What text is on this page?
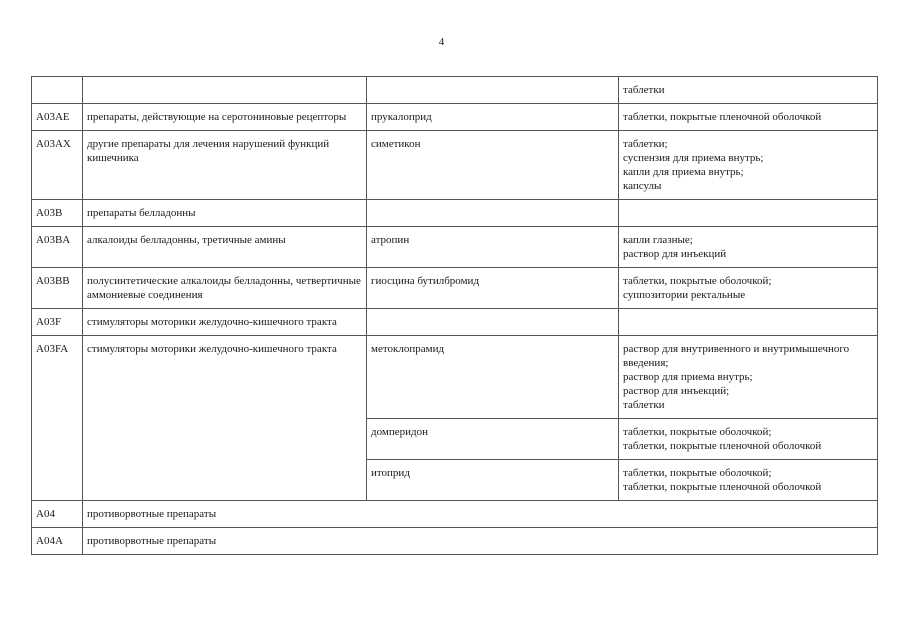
4
			таблетки
A03AE	препараты, действующие на серотониновые рецепторы	прукалоприд	таблетки, покрытые пленочной оболочкой
A03AX	другие препараты для лечения нарушений функций кишечника	симетикон	таблетки;
суспензия для приема внутрь;
капли для приема внутрь;
капсулы
A03B	препараты белладонны		
A03BA	алкалоиды белладонны, третичные амины	атропин	капли глазные;
раствор для инъекций
A03BB	полусинтетические алкалоиды белладонны, четвертичные аммониевые соединения	гиосцина бутилбромид	таблетки, покрытые оболочкой;
суппозитории ректальные
A03F	стимуляторы моторики желудочно-кишечного тракта		
A03FA	стимуляторы моторики желудочно-кишечного тракта	метоклопрамид	раствор для внутривенного и внутримышечного введения;
раствор для приема внутрь;
раствор для инъекций;
таблетки
		домперидон	таблетки, покрытые оболочкой;
таблетки, покрытые пленочной оболочкой
		итоприд	таблетки, покрытые оболочкой;
таблетки, покрытые пленочной оболочкой
A04	противорвотные препараты		
A04A	противорвотные препараты		
